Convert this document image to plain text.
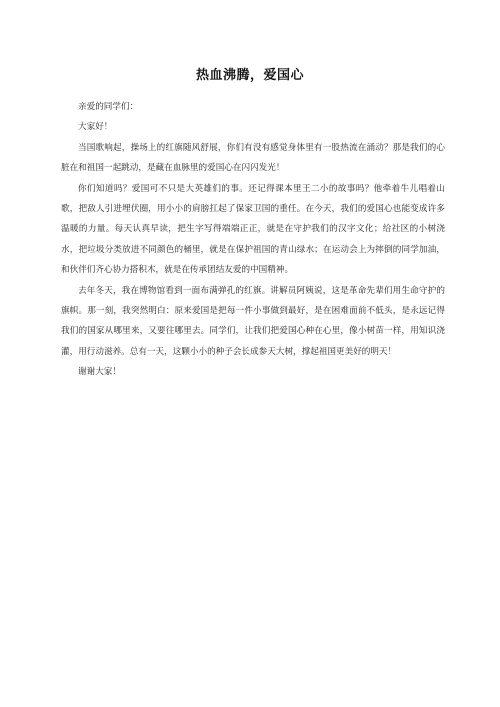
热血沸腾，爱国心

亲爱的同学们：

大家好！

当国歌响起，操场上的红旗随风舒展，你们有没有感觉身体里有一股热流在涌动？那是我们的心脏在和祖国一起跳动，是藏在血脉里的爱国心在闪闪发光！

你们知道吗？爱国可不只是大英雄们的事。还记得课本里王二小的故事吗？他牵着牛儿唱着山歌，把敌人引进埋伏圈，用小小的肩膀扛起了保家卫国的重任。在今天，我们的爱国心也能变成许多温暖的力量。每天认真早读，把生字写得端端正正，就是在守护我们的汉字文化；给社区的小树浇水，把垃圾分类放进不同颜色的桶里，就是在保护祖国的青山绿水；在运动会上为摔倒的同学加油，和伙伴们齐心协力搭积木，就是在传承团结友爱的中国精神。

去年冬天，我在博物馆看到一面布满弹孔的红旗。讲解员阿姨说，这是革命先辈们用生命守护的旗帜。那一刻，我突然明白：原来爱国是把每一件小事做到最好，是在困难面前不低头，是永远记得我们的国家从哪里来，又要往哪里去。同学们，让我们把爱国心种在心里，像小树苗一样，用知识浇灌，用行动滋养。总有一天，这颗小小的种子会长成参天大树，撑起祖国更美好的明天！

谢谢大家！
